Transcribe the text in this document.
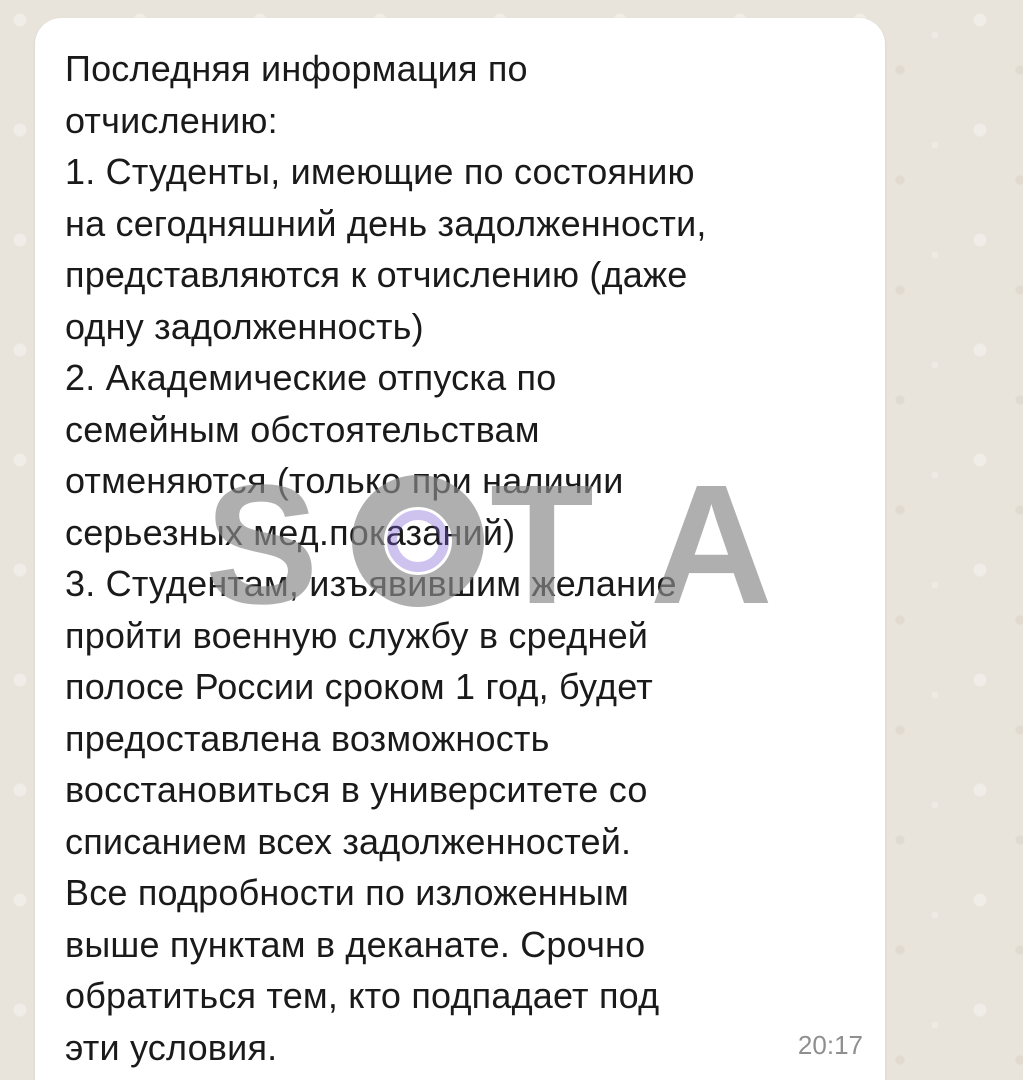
Последняя информация по
отчислению:
1. Студенты, имеющие по состоянию
на сегодняшний день задолженности,
представляются к отчислению (даже
одну задолженность)
2. Академические отпуска по
семейным обстоятельствам
отменяются (только при наличии
серьезных мед.показаний)
3. Студентам, изъявившим желание
пройти военную службу в средней
полосе России сроком 1 год, будет
предоставлена возможность
восстановиться в университете со
списанием всех задолженностей.
Все подробности по изложенным
выше пунктам в деканате. Срочно
обратиться тем, кто подпадает под
эти условия.	20:17
S T A
